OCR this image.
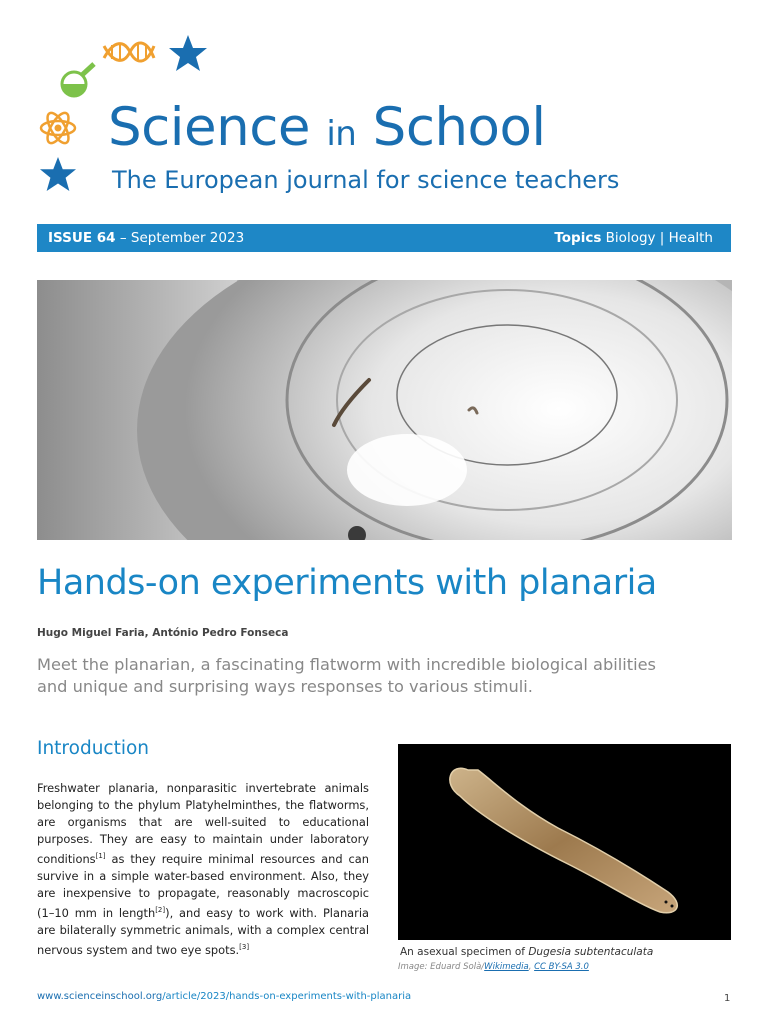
Science in School
The European journal for science teachers
ISSUE 64 – September 2023	Topics Biology | Health
Hands-on experiments with planaria
Hugo Miguel Faria, António Pedro Fonseca
Meet the planarian, a fascinating flatworm with incredible biological abilities and unique and surprising ways responses to various stimuli.
Introduction
Freshwater planaria, nonparasitic invertebrate animals belonging to the phylum Platyhelminthes, the flatworms, are organisms that are well-suited to educational purposes. They are easy to maintain under laboratory conditions[1] as they require minimal resources and can survive in a simple water-based environment. Also, they are inexpensive to propagate, reasonably macroscopic (1–10 mm in length[2]), and easy to work with. Planaria are bilaterally symmetric animals, with a complex central nervous system and two eye spots.[3]	An asexual specimen of Dugesia subtentaculata
Image: Eduard Solà/Wikimedia, CC BY-SA 3.0
www.scienceinschool.org/article/2023/hands-on-experiments-with-planaria	1
